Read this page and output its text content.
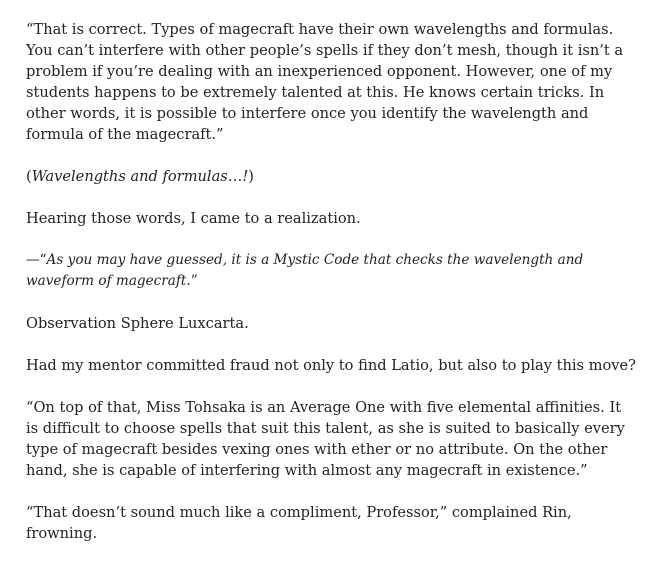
“That is correct. Types of magecraft have their own wavelengths and formulas. You can’t interfere with other people’s spells if they don’t mesh, though it isn’t a problem if you’re dealing with an inexperienced opponent. However, one of my students happens to be extremely talented at this. He knows certain tricks. In other words, it is possible to interfere once you identify the wavelength and formula of the magecraft.”

(Wavelengths and formulas…!)

Hearing those words, I came to a realization.

—“As you may have guessed, it is a Mystic Code that checks the wavelength and waveform of magecraft.”

Observation Sphere Luxcarta.

Had my mentor committed fraud not only to find Latio, but also to play this move?

“On top of that, Miss Tohsaka is an Average One with five elemental affinities. It is difficult to choose spells that suit this talent, as she is suited to basically every type of magecraft besides vexing ones with ether or no attribute. On the other hand, she is capable of interfering with almost any magecraft in existence.”

“That doesn’t sound much like a compliment, Professor,” complained Rin, frowning.
